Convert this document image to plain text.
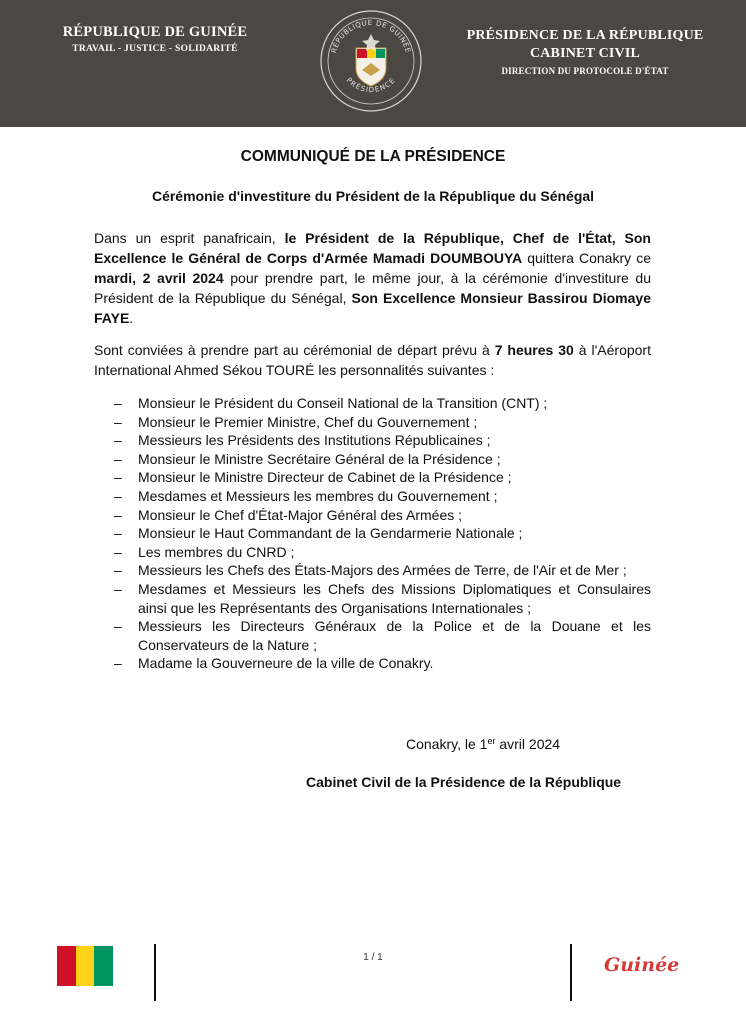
RÉPUBLIQUE DE GUINÉE
TRAVAIL - JUSTICE - SOLIDARITÉ	RÉPUBLIQUE DE GUINÉE
PRÉSIDENCE
PRÉSIDENCE DE LA RÉPUBLIQUE
CABINET CIVIL
DIRECTION DU PROTOCOLE D'ÉTAT
COMMUNIQUÉ DE LA PRÉSIDENCE
Cérémonie d'investiture du Président de la République du Sénégal
Dans un esprit panafricain, le Président de la République, Chef de l'État, Son Excellence le Général de Corps d'Armée Mamadi DOUMBOUYA quittera Conakry ce mardi, 2 avril 2024 pour prendre part, le même jour, à la cérémonie d'investiture du Président de la République du Sénégal, Son Excellence Monsieur Bassirou Diomaye FAYE.
Sont conviées à prendre part au cérémonial de départ prévu à 7 heures 30 à l'Aéroport International Ahmed Sékou TOURÉ les personnalités suivantes :
– Monsieur le Président du Conseil National de la Transition (CNT) ;
– Monsieur le Premier Ministre, Chef du Gouvernement ;
– Messieurs les Présidents des Institutions Républicaines ;
– Monsieur le Ministre Secrétaire Général de la Présidence ;
– Monsieur le Ministre Directeur de Cabinet de la Présidence ;
– Mesdames et Messieurs les membres du Gouvernement ;
– Monsieur le Chef d'État-Major Général des Armées ;
– Monsieur le Haut Commandant de la Gendarmerie Nationale ;
– Les membres du CNRD ;
– Messieurs les Chefs des États-Majors des Armées de Terre, de l'Air et de Mer ;
– Mesdames et Messieurs les Chefs des Missions Diplomatiques et Consulaires ainsi que les Représentants des Organisations Internationales ;
– Messieurs les Directeurs Généraux de la Police et de la Douane et les Conservateurs de la Nature ;
– Madame la Gouverneure de la ville de Conakry.
Conakry, le 1er avril 2024
Cabinet Civil de la Présidence de la République
1 / 1	Guinée
